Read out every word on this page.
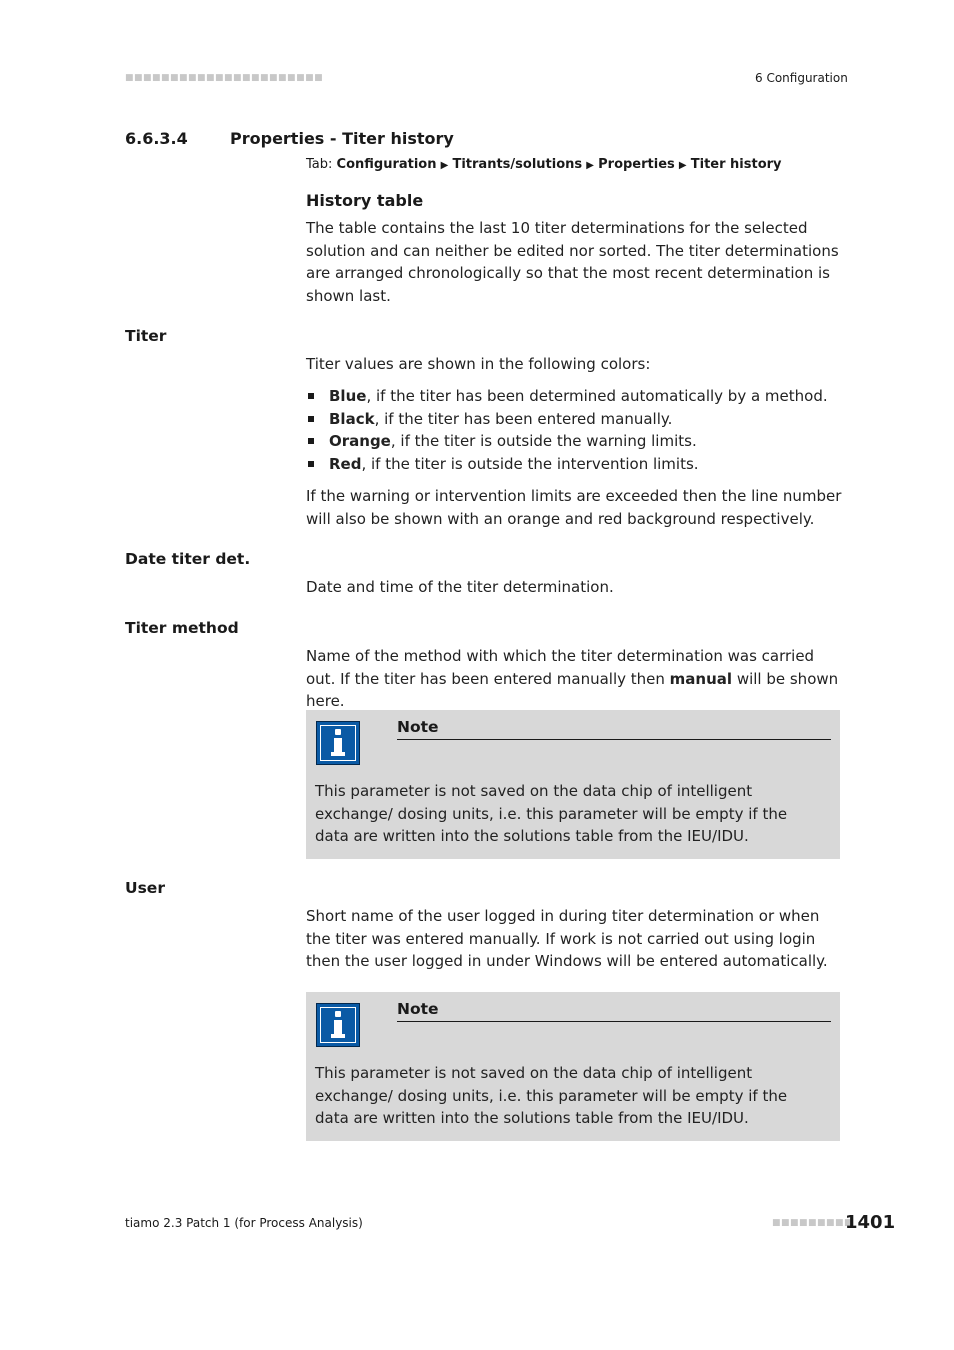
■■■■■■■■■■■■■■■■■■■■■■	6 Configuration
6.6.3.4	Properties - Titer history
Tab: Configuration ▶ Titrants/solutions ▶ Properties ▶ Titer history
History table
The table contains the last 10 titer determinations for the selected solution and can neither be edited nor sorted. The titer determinations are arranged chronologically so that the most recent determination is shown last.
Titer
Titer values are shown in the following colors:
Blue, if the titer has been determined automatically by a method.
Black, if the titer has been entered manually.
Orange, if the titer is outside the warning limits.
Red, if the titer is outside the intervention limits.
If the warning or intervention limits are exceeded then the line number will also be shown with an orange and red background respectively.
Date titer det.
Date and time of the titer determination.
Titer method
Name of the method with which the titer determination was carried out. If the titer has been entered manually then manual will be shown here.
Note
This parameter is not saved on the data chip of intelligent exchange/ dosing units, i.e. this parameter will be empty if the data are written into the solutions table from the IEU/IDU.
User
Short name of the user logged in during titer determination or when the titer was entered manually. If work is not carried out using login then the user logged in under Windows will be entered automatically.
Note
This parameter is not saved on the data chip of intelligent exchange/ dosing units, i.e. this parameter will be empty if the data are written into the solutions table from the IEU/IDU.
tiamo 2.3 Patch 1 (for Process Analysis)	■■■■■■■■■
1401
